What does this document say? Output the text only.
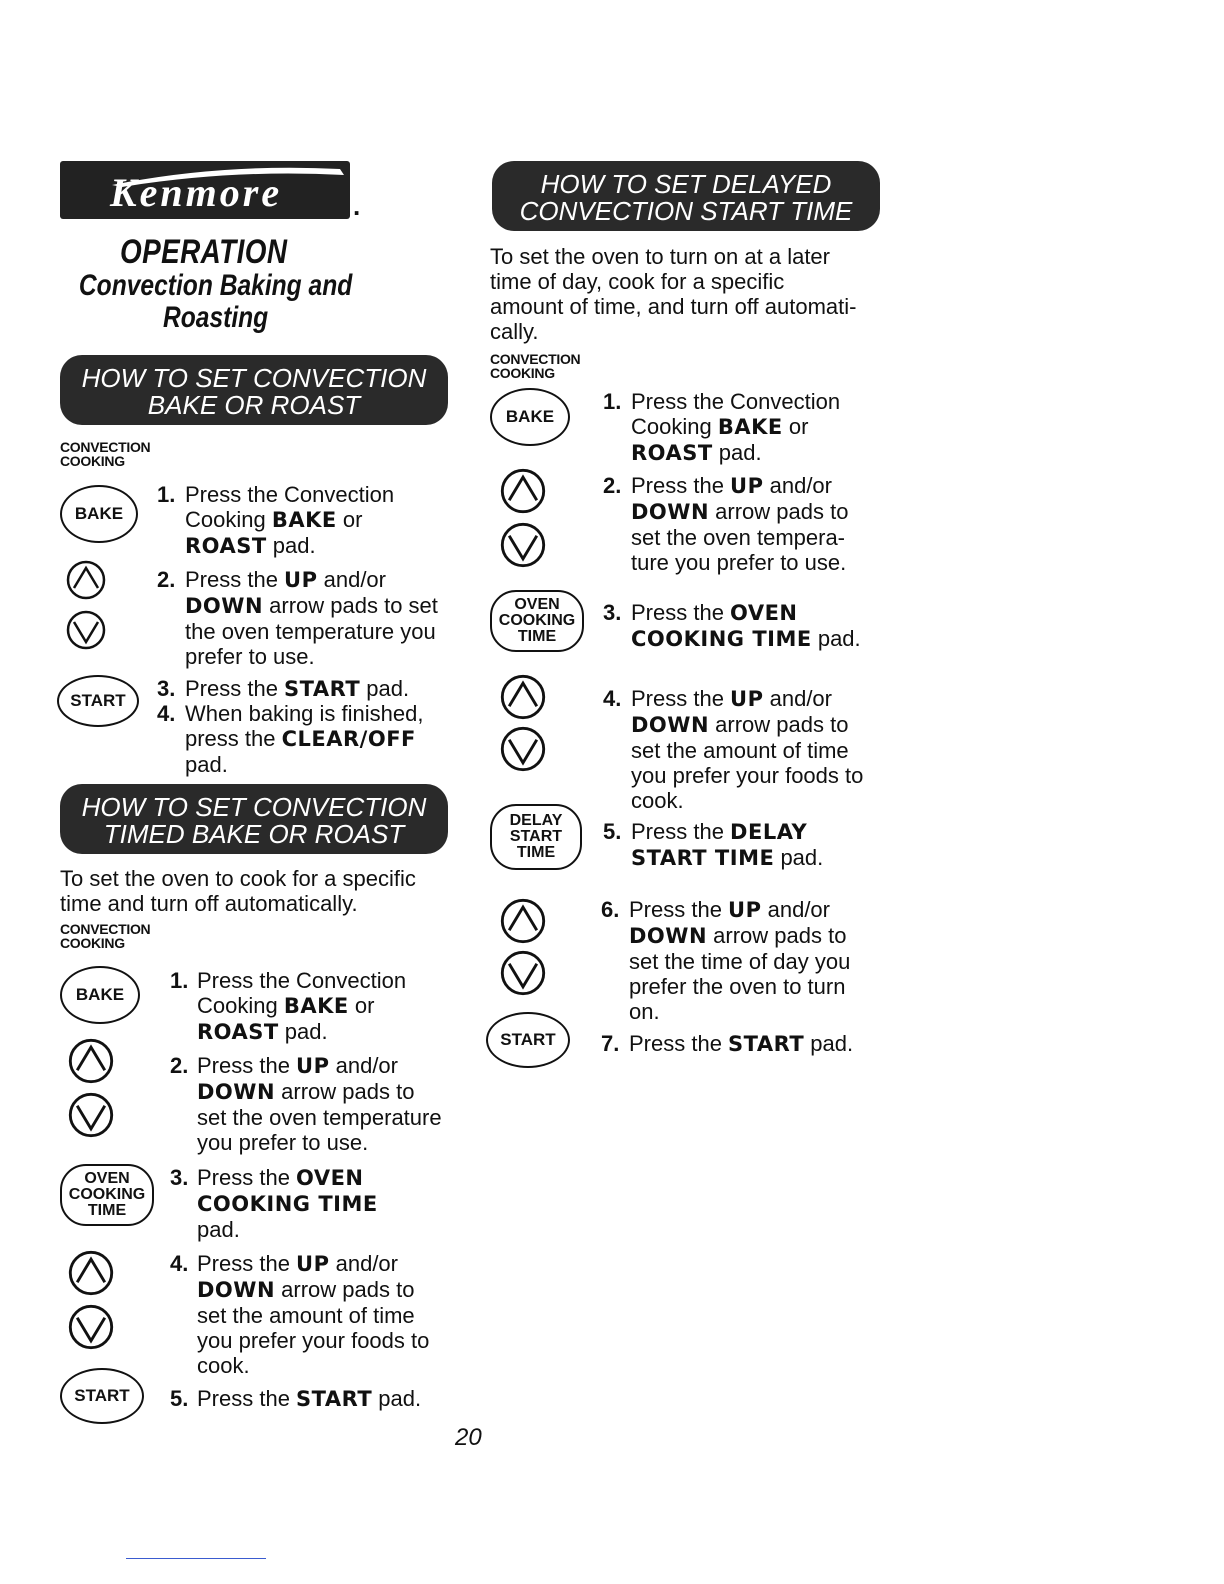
Kenmore	.
OPERATION
Convection Baking and
Roasting
HOW TO SET CONVECTION
BAKE OR ROAST
CONVECTION
COOKING
BAKE
START
1. Press the Convection
Cooking BAKE or
ROAST pad.
2. Press the UP and/or
DOWN arrow pads to set
the oven temperature you
prefer to use.
3. Press the START pad.
4. When baking is finished,
press the CLEAR/OFF
pad.
HOW TO SET CONVECTION
TIMED BAKE OR ROAST
To set the oven to cook for a specific
time and turn off automatically.
CONVECTION
COOKING
BAKE
OVEN
COOKING
TIME
START
1. Press the Convection
Cooking BAKE or
ROAST pad.
2. Press the UP and/or
DOWN arrow pads to
set the oven temperature
you prefer to use.
3. Press the OVEN
COOKING TIME
pad.
4. Press the UP and/or
DOWN arrow pads to
set the amount of time
you prefer your foods to
cook.
5. Press the START pad.
HOW TO SET DELAYED
CONVECTION START TIME
To set the oven to turn on at a later
time of day, cook for a specific
amount of time, and turn off automati-
cally.
CONVECTION
COOKING
BAKE
OVEN
COOKING
TIME
DELAY
START
TIME
START
1. Press the Convection
Cooking BAKE or
ROAST pad.
2. Press the UP and/or
DOWN arrow pads to
set the oven tempera-
ture you prefer to use.
3. Press the OVEN
COOKING TIME pad.
4. Press the UP and/or
DOWN arrow pads to
set the amount of time
you prefer your foods to
cook.
5. Press the DELAY
START TIME pad.
6. Press the UP and/or
DOWN arrow pads to
set the time of day you
prefer the oven to turn
on.
7. Press the START pad.
20
